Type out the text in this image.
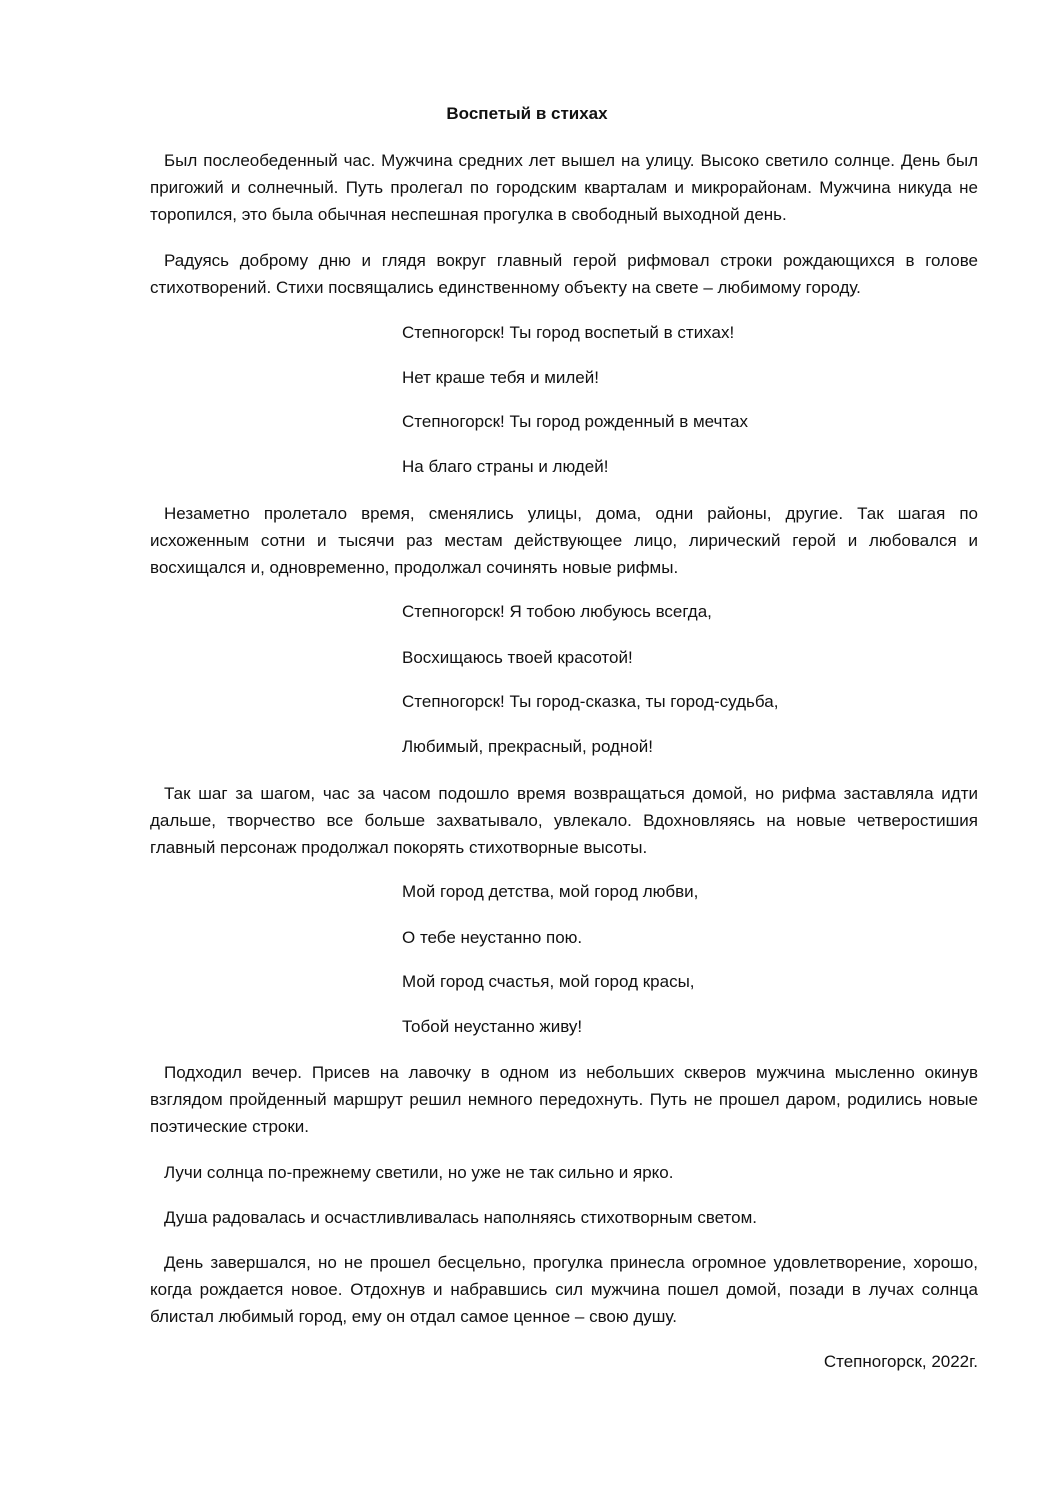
Воспетый в стихах

Был послеобеденный час. Мужчина средних лет вышел на улицу. Высоко светило солнце. День был пригожий и солнечный. Путь пролегал по городским кварталам и микрорайонам. Мужчина никуда не торопился, это была обычная неспешная прогулка в свободный выходной день.

Радуясь доброму дню и глядя вокруг главный герой рифмовал строки рождающихся в голове стихотворений. Стихи посвящались единственному объекту на свете – любимому городу.

Степногорск! Ты город воспетый в стихах!

Нет краше тебя и милей!

Степногорск! Ты город рожденный в мечтах

На благо страны и людей!

Незаметно пролетало время, сменялись улицы, дома, одни районы, другие. Так шагая по исхоженным сотни и тысячи раз местам действующее лицо, лирический герой и любовался и восхищался и, одновременно, продолжал сочинять новые рифмы.

Степногорск! Я тобою любуюсь всегда,

Восхищаюсь твоей красотой!

Степногорск! Ты город-сказка, ты город-судьба,

Любимый, прекрасный, родной!

Так шаг за шагом, час за часом подошло время возвращаться домой, но рифма заставляла идти дальше, творчество все больше захватывало, увлекало. Вдохновляясь на новые четверостишия главный персонаж продолжал покорять стихотворные высоты.

Мой город детства, мой город любви,

О тебе неустанно пою.

Мой город счастья, мой город красы,

Тобой неустанно живу!

Подходил вечер. Присев на лавочку в одном из небольших скверов мужчина мысленно окинув взглядом пройденный маршрут решил немного передохнуть. Путь не прошел даром, родились новые поэтические строки.

Лучи солнца по-прежнему светили, но уже не так сильно и ярко.

Душа радовалась и осчастливливалась наполняясь стихотворным светом.

День завершался, но не прошел бесцельно, прогулка принесла огромное удовлетворение, хорошо, когда рождается новое. Отдохнув и набравшись сил мужчина пошел домой, позади в лучах солнца блистал любимый город, ему он отдал самое ценное – свою душу.

Степногорск, 2022г.
